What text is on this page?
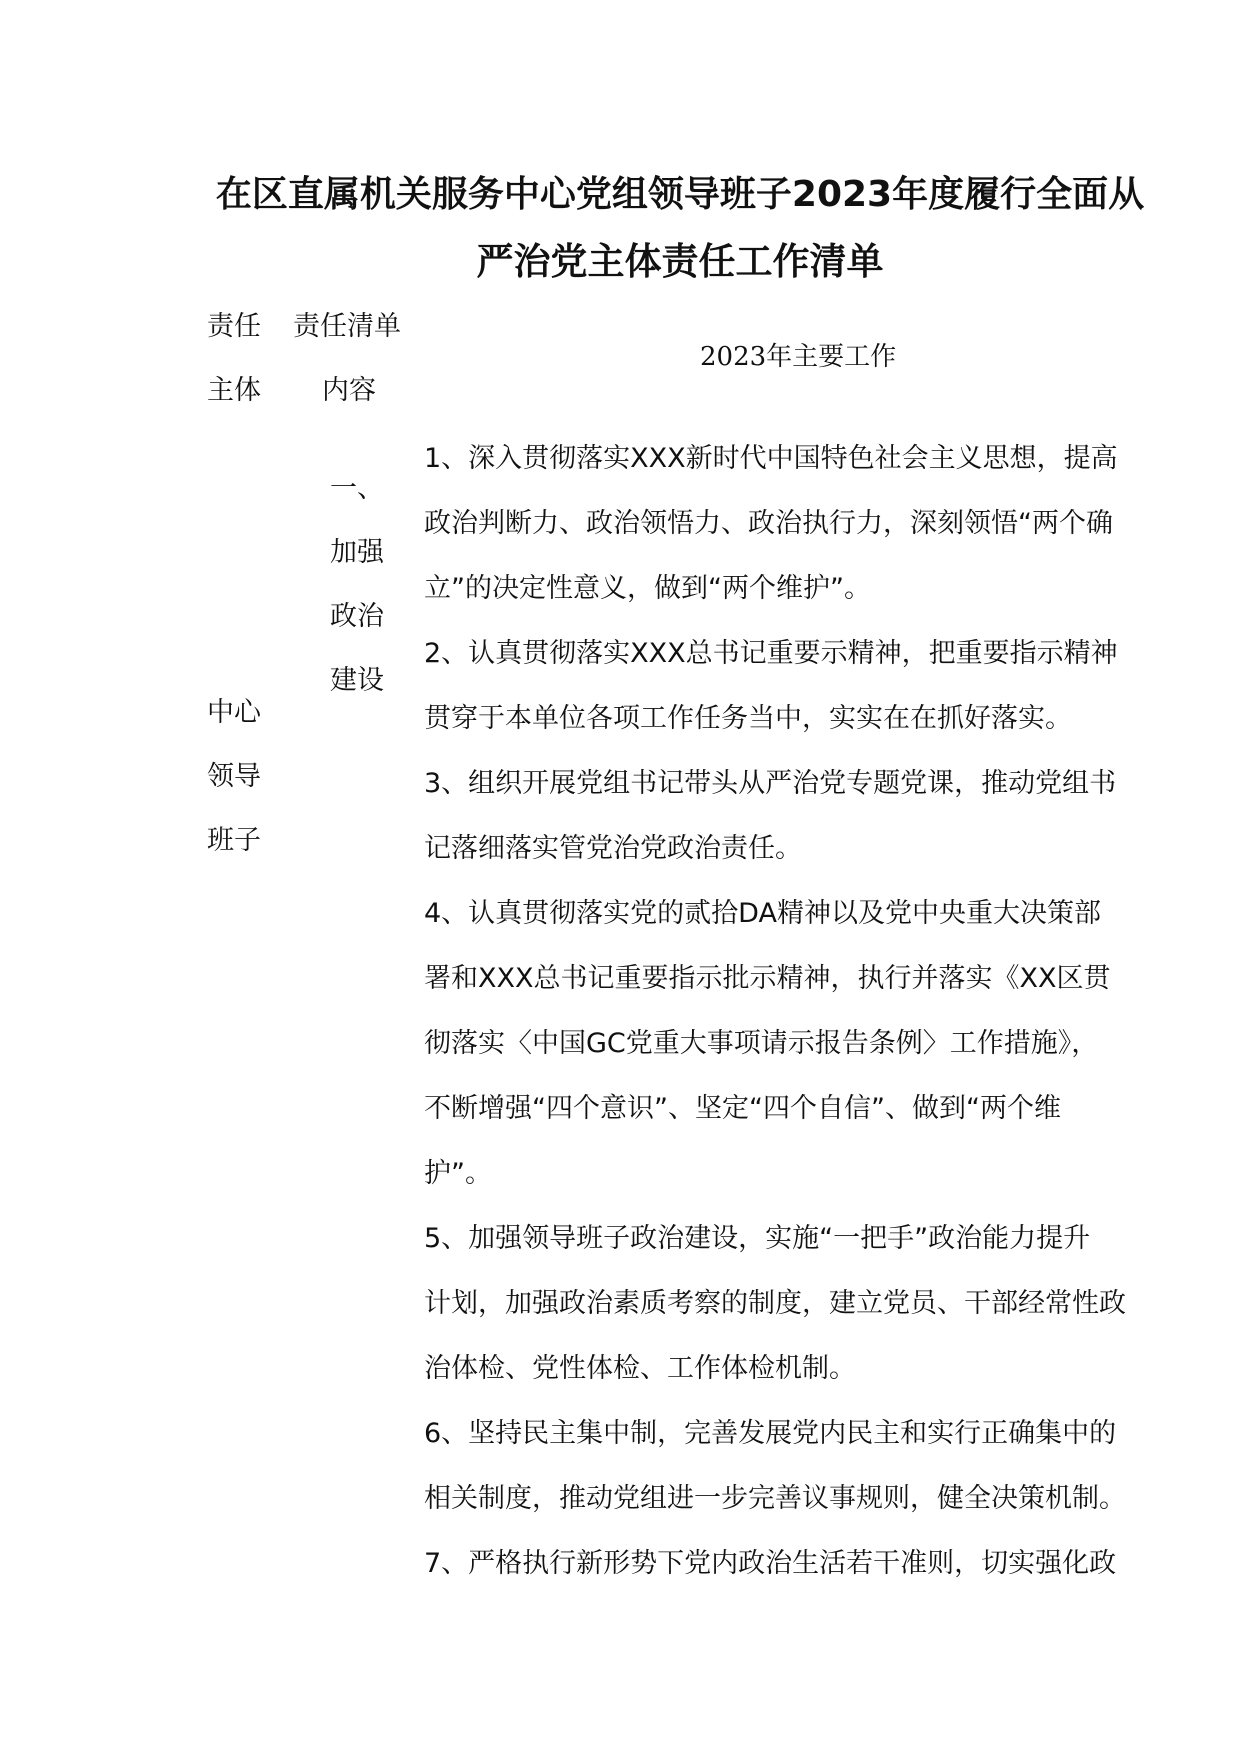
在区直属机关服务中心党组领导班子2023年度履行全面从
严治党主体责任工作清单
责任
主体
责任清单
内容
2023年主要工作
一、
加强
政治
建设
中心
领导
班子

1、深入贯彻落实XXX新时代中国特色社会主义思想，提高

政治判断力、政治领悟力、政治执行力，深刻领悟“两个确

立”的决定性意义，做到“两个维护”。

2、认真贯彻落实XXX总书记重要示精神，把重要指示精神

贯穿于本单位各项工作任务当中，实实在在抓好落实。

3、组织开展党组书记带头从严治党专题党课，推动党组书

记落细落实管党治党政治责任。

4、认真贯彻落实党的贰拾DA精神以及党中央重大决策部

署和XXX总书记重要指示批示精神，执行并落实《XX区贯

彻落实〈中国GC党重大事项请示报告条例〉工作措施》，

不断增强“四个意识”、坚定“四个自信”、做到“两个维

护”。

5、加强领导班子政治建设，实施“一把手”政治能力提升

计划，加强政治素质考察的制度，建立党员、干部经常性政

治体检、党性体检、工作体检机制。

6、坚持民主集中制，完善发展党内民主和实行正确集中的

相关制度，推动党组进一步完善议事规则，健全决策机制。

7、严格执行新形势下党内政治生活若干准则，切实强化政
